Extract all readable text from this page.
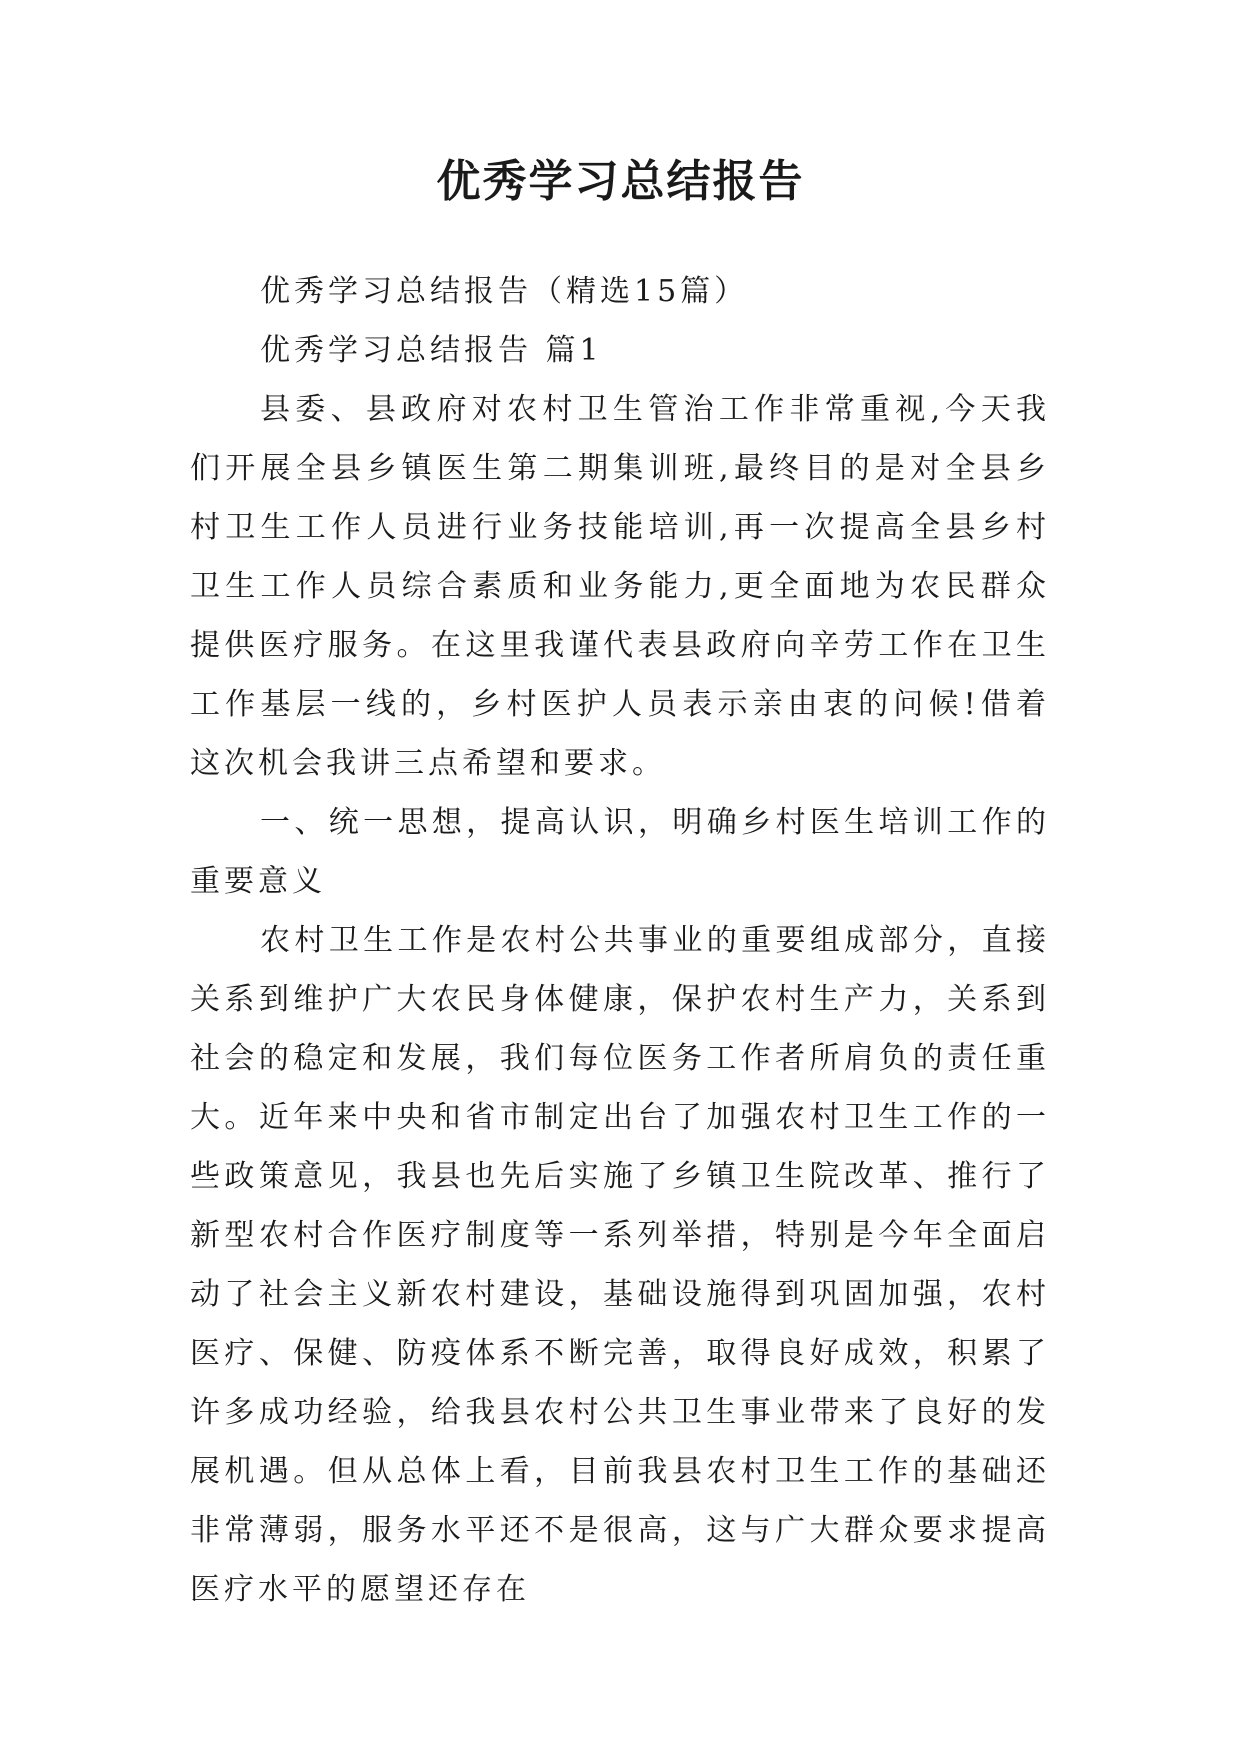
优秀学习总结报告

优秀学习总结报告（精选15篇）

优秀学习总结报告 篇1

县委、县政府对农村卫生管治工作非常重视,今天我们开展全县乡镇医生第二期集训班,最终目的是对全县乡村卫生工作人员进行业务技能培训,再一次提高全县乡村卫生工作人员综合素质和业务能力,更全面地为农民群众提供医疗服务。在这里我谨代表县政府向辛劳工作在卫生工作基层一线的，乡村医护人员表示亲由衷的问候!借着这次机会我讲三点希望和要求。

一、统一思想，提高认识，明确乡村医生培训工作的重要意义

农村卫生工作是农村公共事业的重要组成部分，直接关系到维护广大农民身体健康，保护农村生产力，关系到社会的稳定和发展，我们每位医务工作者所肩负的责任重大。近年来中央和省市制定出台了加强农村卫生工作的一些政策意见，我县也先后实施了乡镇卫生院改革、推行了新型农村合作医疗制度等一系列举措，特别是今年全面启动了社会主义新农村建设，基础设施得到巩固加强，农村医疗、保健、防疫体系不断完善，取得良好成效，积累了许多成功经验，给我县农村公共卫生事业带来了良好的发展机遇。但从总体上看，目前我县农村卫生工作的基础还非常薄弱，服务水平还不是很高，这与广大群众要求提高医疗水平的愿望还存在
